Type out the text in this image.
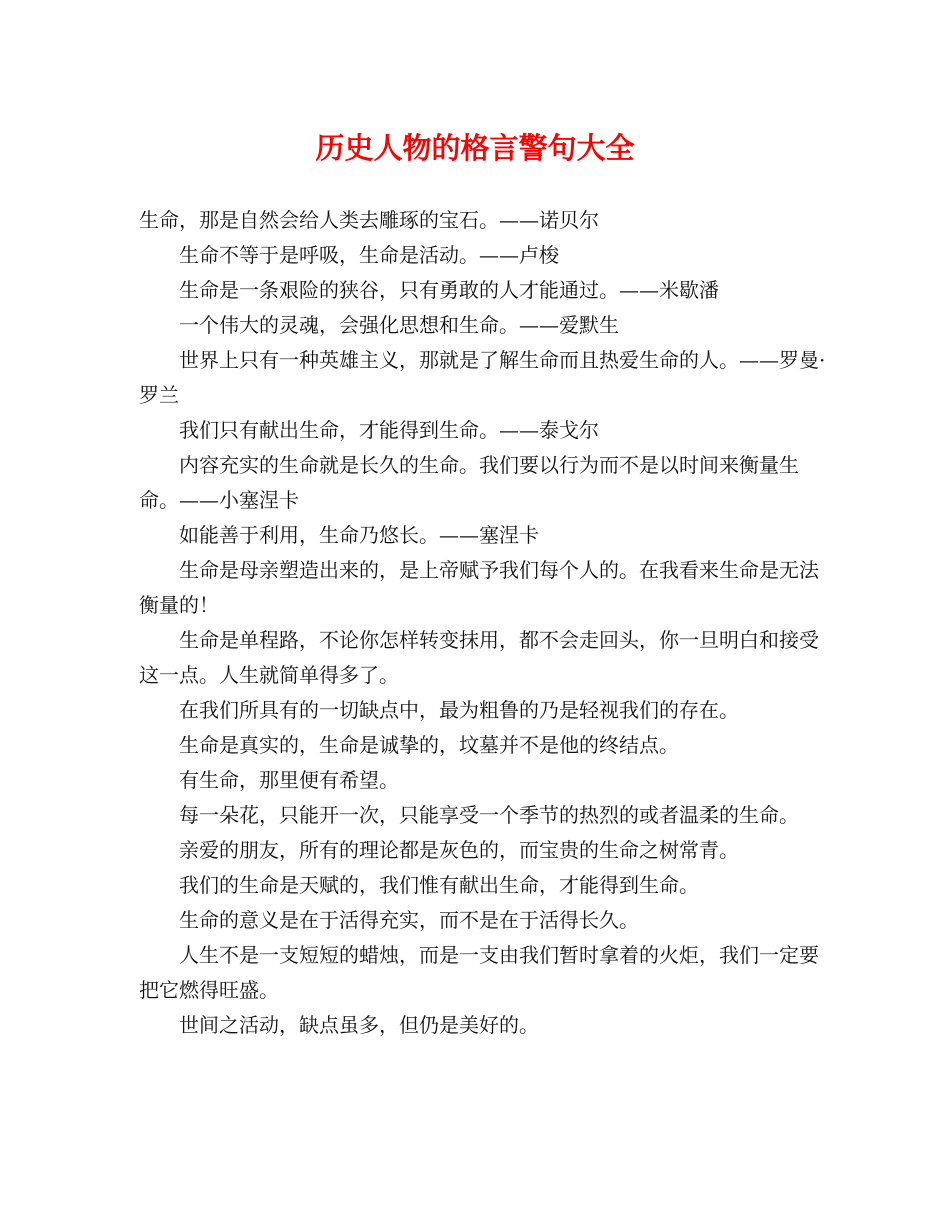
历史人物的格言警句大全

生命，那是自然会给人类去雕琢的宝石。——诺贝尔

生命不等于是呼吸，生命是活动。——卢梭

生命是一条艰险的狭谷，只有勇敢的人才能通过。——米歇潘

一个伟大的灵魂，会强化思想和生命。——爱默生

世界上只有一种英雄主义，那就是了解生命而且热爱生命的人。——罗曼·罗兰

我们只有献出生命，才能得到生命。——泰戈尔

内容充实的生命就是长久的生命。我们要以行为而不是以时间来衡量生命。——小塞涅卡

如能善于利用，生命乃悠长。——塞涅卡

生命是母亲塑造出来的，是上帝赋予我们每个人的。在我看来生命是无法衡量的！

生命是单程路，不论你怎样转变抹用，都不会走回头，你一旦明白和接受这一点。人生就简单得多了。

在我们所具有的一切缺点中，最为粗鲁的乃是轻视我们的存在。

生命是真实的，生命是诚挚的，坟墓并不是他的终结点。

有生命，那里便有希望。

每一朵花，只能开一次，只能享受一个季节的热烈的或者温柔的生命。

亲爱的朋友，所有的理论都是灰色的，而宝贵的生命之树常青。

我们的生命是天赋的，我们惟有献出生命，才能得到生命。

生命的意义是在于活得充实，而不是在于活得长久。

人生不是一支短短的蜡烛，而是一支由我们暂时拿着的火炬，我们一定要把它燃得旺盛。

世间之活动，缺点虽多，但仍是美好的。
